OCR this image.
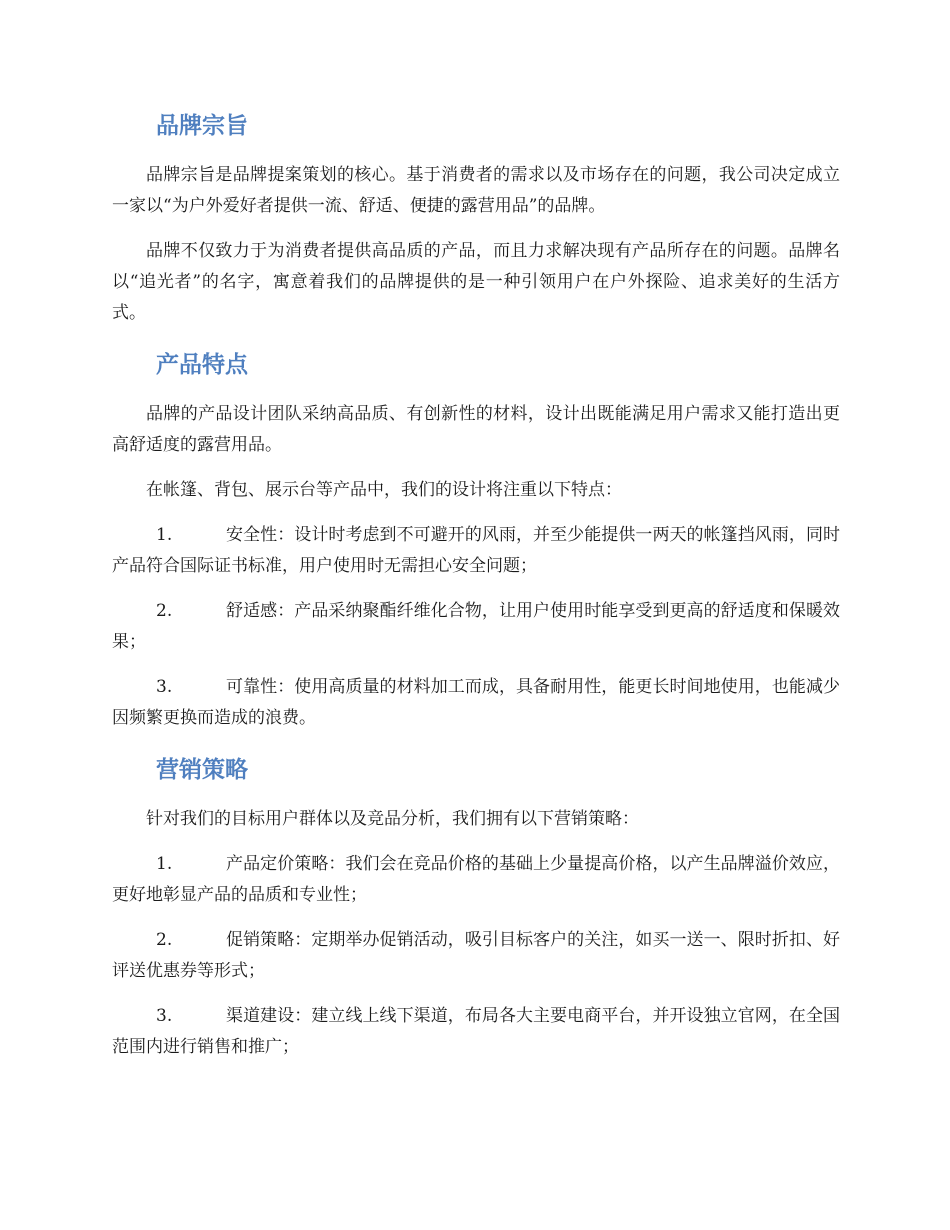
品牌宗旨

品牌宗旨是品牌提案策划的核心。基于消费者的需求以及市场存在的问题，我公司决定成立一家以“为户外爱好者提供一流、舒适、便捷的露营用品”的品牌。

品牌不仅致力于为消费者提供高品质的产品，而且力求解决现有产品所存在的问题。品牌名以“追光者”的名字，寓意着我们的品牌提供的是一种引领用户在户外探险、追求美好的生活方式。

产品特点

品牌的产品设计团队采纳高品质、有创新性的材料，设计出既能满足用户需求又能打造出更高舒适度的露营用品。

在帐篷、背包、展示台等产品中，我们的设计将注重以下特点：

1.	安全性：设计时考虑到不可避开的风雨，并至少能提供一两天的帐篷挡风雨，同时产品符合国际证书标准，用户使用时无需担心安全问题；

2.	舒适感：产品采纳聚酯纤维化合物，让用户使用时能享受到更高的舒适度和保暖效果；

3.	可靠性：使用高质量的材料加工而成，具备耐用性，能更长时间地使用，也能减少因频繁更换而造成的浪费。

营销策略

针对我们的目标用户群体以及竞品分析，我们拥有以下营销策略：

1.	产品定价策略：我们会在竞品价格的基础上少量提高价格，以产生品牌溢价效应，更好地彰显产品的品质和专业性；

2.	促销策略：定期举办促销活动，吸引目标客户的关注，如买一送一、限时折扣、好评送优惠券等形式；

3.	渠道建设：建立线上线下渠道，布局各大主要电商平台，并开设独立官网，在全国范围内进行销售和推广；
